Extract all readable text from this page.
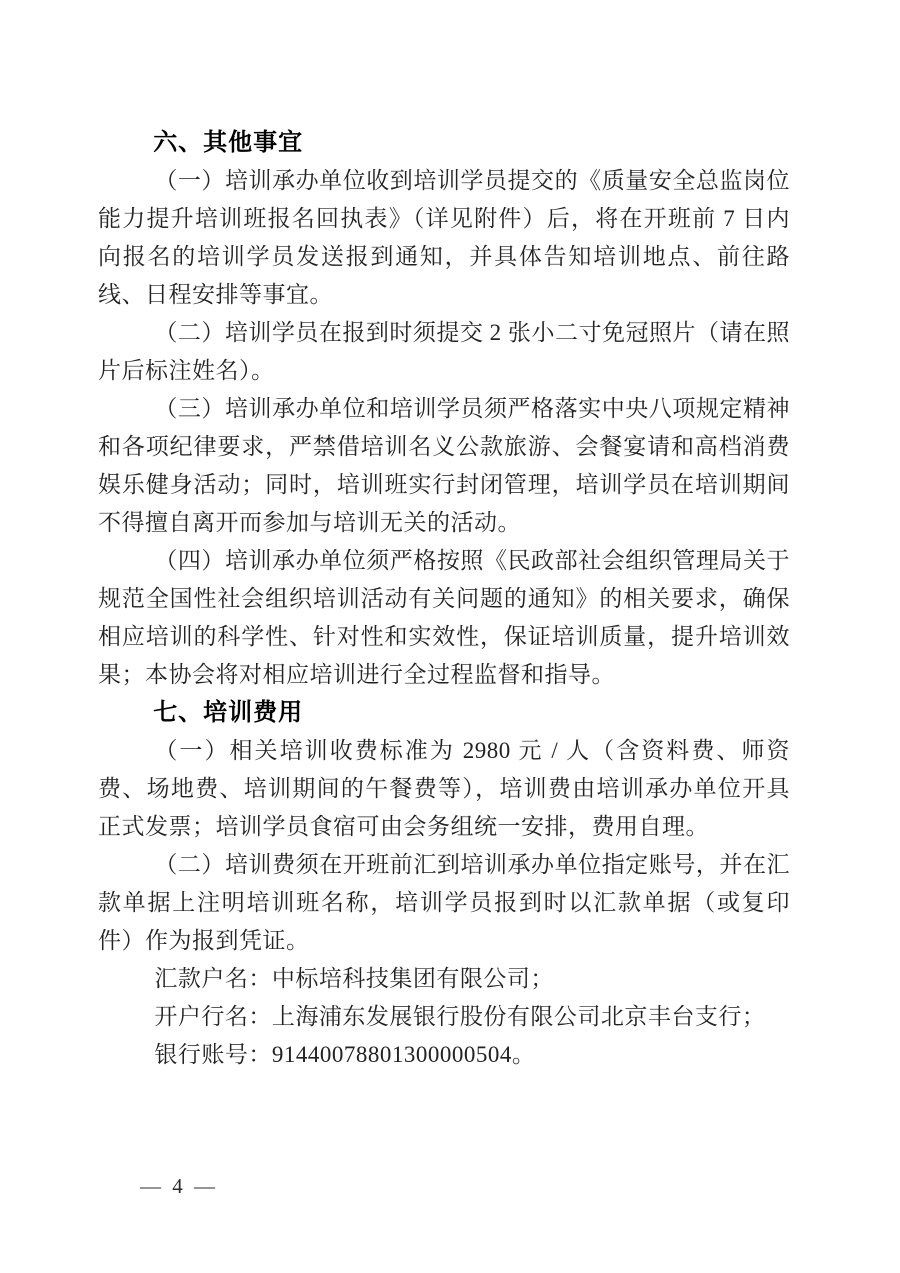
六、其他事宜

（一）培训承办单位收到培训学员提交的《质量安全总监岗位能力提升培训班报名回执表》（详见附件）后，将在开班前 7 日内向报名的培训学员发送报到通知，并具体告知培训地点、前往路线、日程安排等事宜。

（二）培训学员在报到时须提交 2 张小二寸免冠照片（请在照片后标注姓名）。

（三）培训承办单位和培训学员须严格落实中央八项规定精神和各项纪律要求，严禁借培训名义公款旅游、会餐宴请和高档消费娱乐健身活动；同时，培训班实行封闭管理，培训学员在培训期间不得擅自离开而参加与培训无关的活动。

（四）培训承办单位须严格按照《民政部社会组织管理局关于规范全国性社会组织培训活动有关问题的通知》的相关要求，确保相应培训的科学性、针对性和实效性，保证培训质量，提升培训效果；本协会将对相应培训进行全过程监督和指导。

七、培训费用

（一）相关培训收费标准为 2980 元 / 人（含资料费、师资费、场地费、培训期间的午餐费等），培训费由培训承办单位开具正式发票；培训学员食宿可由会务组统一安排，费用自理。

（二）培训费须在开班前汇到培训承办单位指定账号，并在汇款单据上注明培训班名称，培训学员报到时以汇款单据（或复印件）作为报到凭证。

汇款户名：中标培科技集团有限公司；

开户行名：上海浦东发展银行股份有限公司北京丰台支行；

银行账号：91440078801300000504。

— 4 —
